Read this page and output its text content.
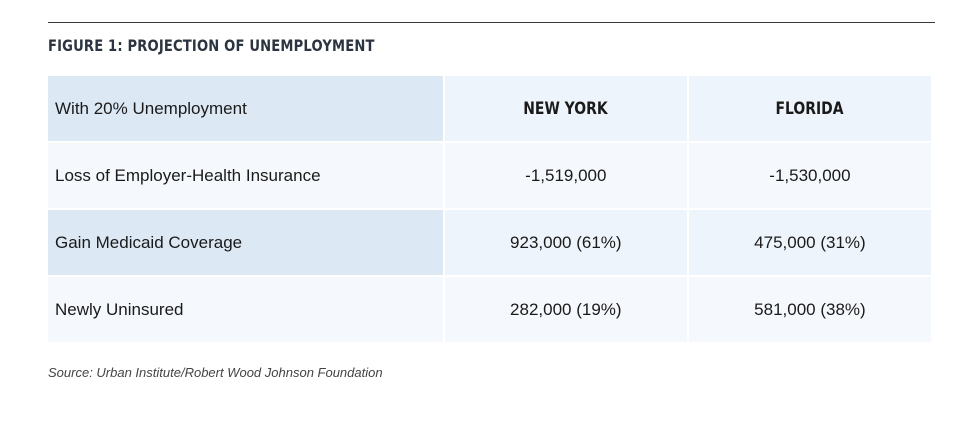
FIGURE 1: PROJECTION OF UNEMPLOYMENT
With 20% Unemployment	NEW YORK	FLORIDA
Loss of Employer-Health Insurance	-1,519,000	-1,530,000
Gain Medicaid Coverage	923,000 (61%)	475,000 (31%)
Newly Uninsured	282,000 (19%)	581,000 (38%)
Source: Urban Institute/Robert Wood Johnson Foundation
